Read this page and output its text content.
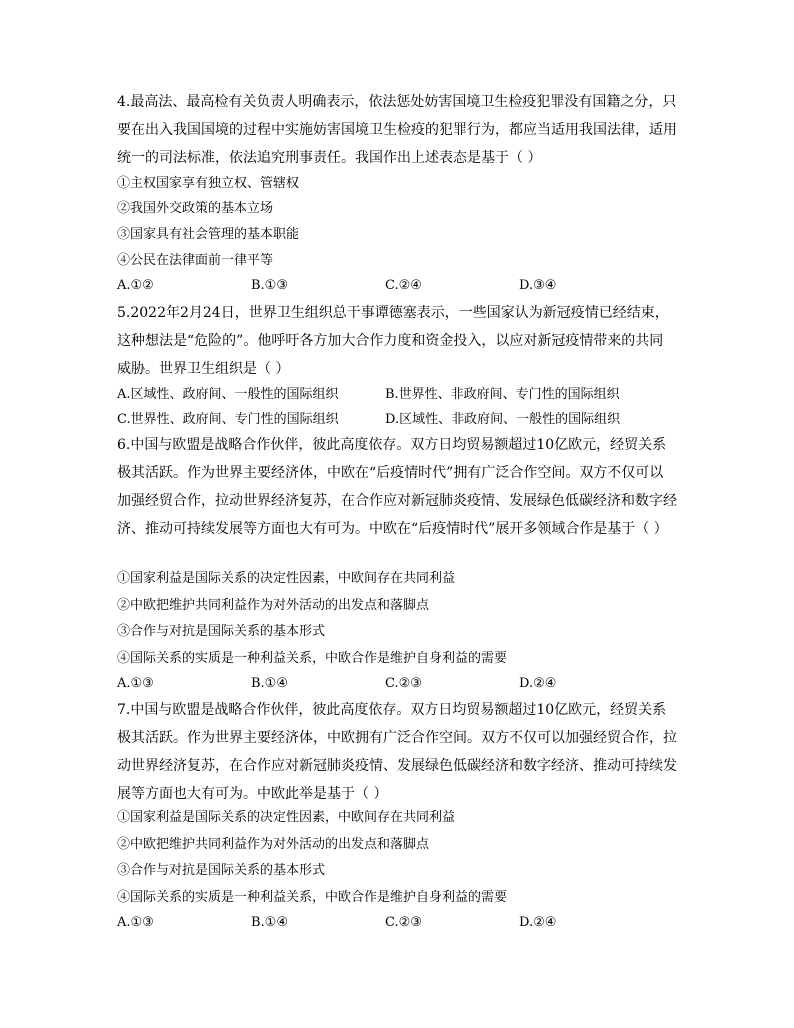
4.最高法、最高检有关负责人明确表示，依法惩处妨害国境卫生检疫犯罪没有国籍之分，只要在出入我国国境的过程中实施妨害国境卫生检疫的犯罪行为，都应当适用我国法律，适用统一的司法标准，依法追究刑事责任。我国作出上述表态是基于（ ）
①主权国家享有独立权、管辖权
②我国外交政策的基本立场
③国家具有社会管理的基本职能
④公民在法律面前一律平等
A.①②	B.①③	C.②④	D.③④
5.2022年2月24日，世界卫生组织总干事谭德塞表示，一些国家认为新冠疫情已经结束，这种想法是“危险的”。他呼吁各方加大合作力度和资金投入，以应对新冠疫情带来的共同威胁。世界卫生组织是（ ）
A.区域性、政府间、一般性的国际组织	B.世界性、非政府间、专门性的国际组织
C.世界性、政府间、专门性的国际组织	D.区域性、非政府间、一般性的国际组织
6.中国与欧盟是战略合作伙伴，彼此高度依存。双方日均贸易额超过10亿欧元，经贸关系极其活跃。作为世界主要经济体，中欧在“后疫情时代”拥有广泛合作空间。双方不仅可以加强经贸合作，拉动世界经济复苏，在合作应对新冠肺炎疫情、发展绿色低碳经济和数字经济、推动可持续发展等方面也大有可为。中欧在“后疫情时代”展开多领域合作是基于（ ）
①国家利益是国际关系的决定性因素，中欧间存在共同利益
②中欧把维护共同利益作为对外活动的出发点和落脚点
③合作与对抗是国际关系的基本形式
④国际关系的实质是一种利益关系，中欧合作是维护自身利益的需要
A.①③	B.①④	C.②③	D.②④
7.中国与欧盟是战略合作伙伴，彼此高度依存。双方日均贸易额超过10亿欧元，经贸关系极其活跃。作为世界主要经济体，中欧拥有广泛合作空间。双方不仅可以加强经贸合作，拉动世界经济复苏，在合作应对新冠肺炎疫情、发展绿色低碳经济和数字经济、推动可持续发展等方面也大有可为。中欧此举是基于（ ）
①国家利益是国际关系的决定性因素，中欧间存在共同利益
②中欧把维护共同利益作为对外活动的出发点和落脚点
③合作与对抗是国际关系的基本形式
④国际关系的实质是一种利益关系，中欧合作是维护自身利益的需要
A.①③	B.①④	C.②③	D.②④
